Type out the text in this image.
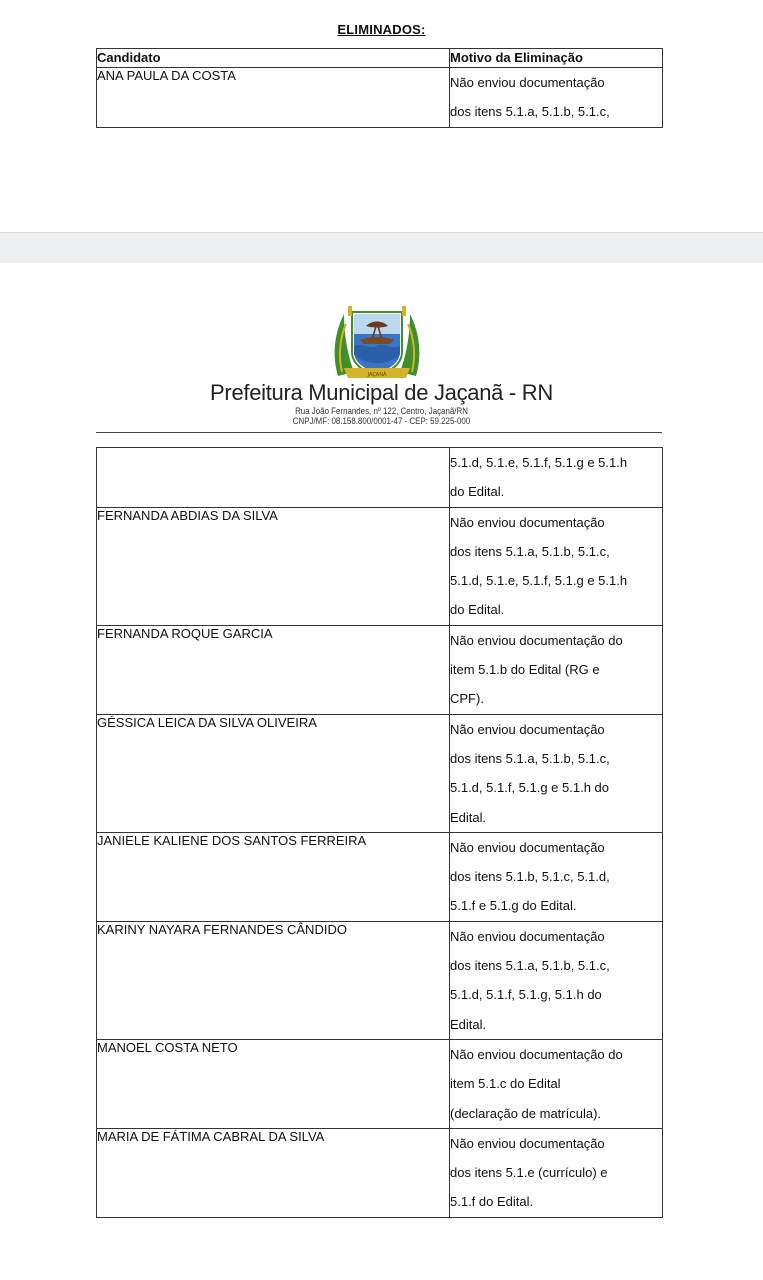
ELIMINADOS:
Candidato	Motivo da Eliminação
ANA PAULA DA COSTA	Não enviou documentação
dos itens 5.1.a, 5.1.b, 5.1.c,
JAÇANÃ
Prefeitura Municipal de Jaçanã - RN
Rua João Fernandes, nº 122, Centro, Jaçanã/RN
CNPJ/MF: 08.158.800/0001-47 - CEP: 59.225-000

	5.1.d, 5.1.e, 5.1.f, 5.1.g e 5.1.h
do Edital.

FERNANDA ABDIAS DA SILVA	Não enviou documentação
dos itens 5.1.a, 5.1.b, 5.1.c,
5.1.d, 5.1.e, 5.1.f, 5.1.g e 5.1.h
do Edital.

FERNANDA ROQUE GARCIA	Não enviou documentação do
item 5.1.b do Edital (RG e
CPF).

GÉSSICA LEICA DA SILVA OLIVEIRA	Não enviou documentação
dos itens 5.1.a, 5.1.b, 5.1.c,
5.1.d, 5.1.f, 5.1.g e 5.1.h do
Edital.

JANIELE KALIENE DOS SANTOS FERREIRA	Não enviou documentação
dos itens 5.1.b, 5.1.c, 5.1.d,
5.1.f e 5.1.g do Edital.

KARINY NAYARA FERNANDES CÂNDIDO	Não enviou documentação
dos itens 5.1.a, 5.1.b, 5.1.c,
5.1.d, 5.1.f, 5.1.g, 5.1.h do
Edital.

MANOEL COSTA NETO	Não enviou documentação do
item 5.1.c do Edital
(declaração de matrícula).

MARIA DE FÁTIMA CABRAL DA SILVA	Não enviou documentação
dos itens 5.1.e (currículo) e
5.1.f do Edital.
